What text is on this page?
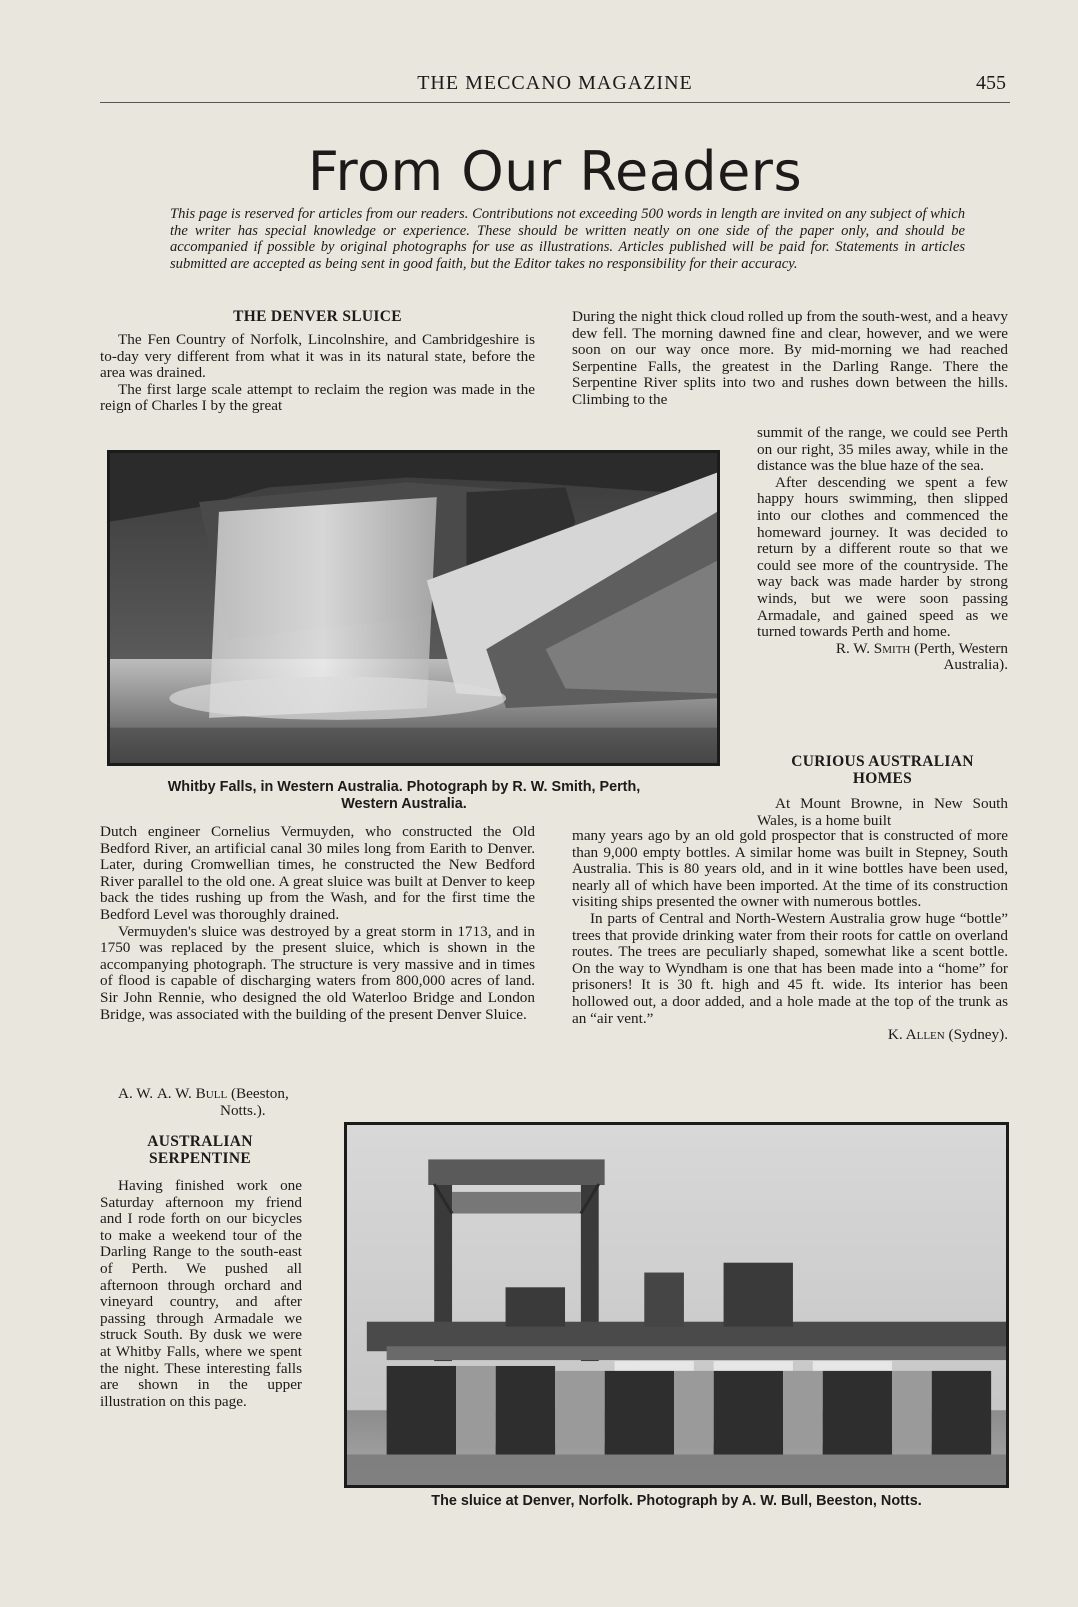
THE MECCANO MAGAZINE	455
From Our Readers
This page is reserved for articles from our readers. Contributions not exceeding 500 words in length are invited on any subject of which the writer has special knowledge or experience. These should be written neatly on one side of the paper only, and should be accompanied if possible by original photographs for use as illustrations. Articles published will be paid for. Statements in articles submitted are accepted as being sent in good faith, but the Editor takes no responsibility for their accuracy.
THE DENVER SLUICE

The Fen Country of Norfolk, Lincolnshire, and Cambridgeshire is to-day very different from what it was in its natural state, before the area was drained.

The first large scale attempt to reclaim the region was made in the reign of Charles I by the great

During the night thick cloud rolled up from the south-west, and a heavy dew fell. The morning dawned fine and clear, however, and we were soon on our way once more. By mid-morning we had reached Serpentine Falls, the greatest in the Darling Range. There the Serpentine River splits into two and rushes down between the hills. Climbing to the

summit of the range, we could see Perth on our right, 35 miles away, while in the distance was the blue haze of the sea.

After descending we spent a few happy hours swimming, then slipped into our clothes and commenced the homeward journey. It was decided to return by a different route so that we could see more of the countryside. The way back was made harder by strong winds, but we were soon passing Armadale, and gained speed as we turned towards Perth and home.

R. W. Smith (Perth, Western
Australia).
Whitby Falls, in Western Australia. Photograph by R. W. Smith, Perth,
Western Australia.
CURIOUS AUSTRALIAN
HOMES

At Mount Browne, in New South Wales, is a home built

Dutch engineer Cornelius Vermuyden, who constructed the Old Bedford River, an artificial canal 30 miles long from Earith to Denver. Later, during Cromwellian times, he constructed the New Bedford River parallel to the old one. A great sluice was built at Denver to keep back the tides rushing up from the Wash, and for the first time the Bedford Level was thoroughly drained.

Vermuyden's sluice was destroyed by a great storm in 1713, and in 1750 was replaced by the present sluice, which is shown in the accompanying photograph. The structure is very massive and in times of flood is capable of discharging waters from 800,000 acres of land. Sir John Rennie, who designed the old Waterloo Bridge and London Bridge, was associated with the building of the present Denver Sluice.

A. W. A. W. Bull (Beeston,
Notts.).

many years ago by an old gold prospector that is constructed of more than 9,000 empty bottles. A similar home was built in Stepney, South Australia. This is 80 years old, and in it wine bottles have been used, nearly all of which have been imported. At the time of its construction visiting ships presented the owner with numerous bottles.

In parts of Central and North-Western Australia grow huge “bottle” trees that provide drinking water from their roots for cattle on overland routes. The trees are peculiarly shaped, somewhat like a scent bottle. On the way to Wyndham is one that has been made into a “home” for prisoners! It is 30 ft. high and 45 ft. wide. Its interior has been hollowed out, a door added, and a hole made at the top of the trunk as an “air vent.”

K. Allen (Sydney).
AUSTRALIAN
SERPENTINE

Having finished work one Saturday afternoon my friend and I rode forth on our bicycles to make a weekend tour of the Darling Range to the south-east of Perth. We pushed all afternoon through orchard and vineyard country, and after passing through Armadale we struck South. By dusk we were at Whitby Falls, where we spent the night. These interesting falls are shown in the upper illustration on this page.

The sluice at Denver, Norfolk. Photograph by A. W. Bull, Beeston, Notts.
